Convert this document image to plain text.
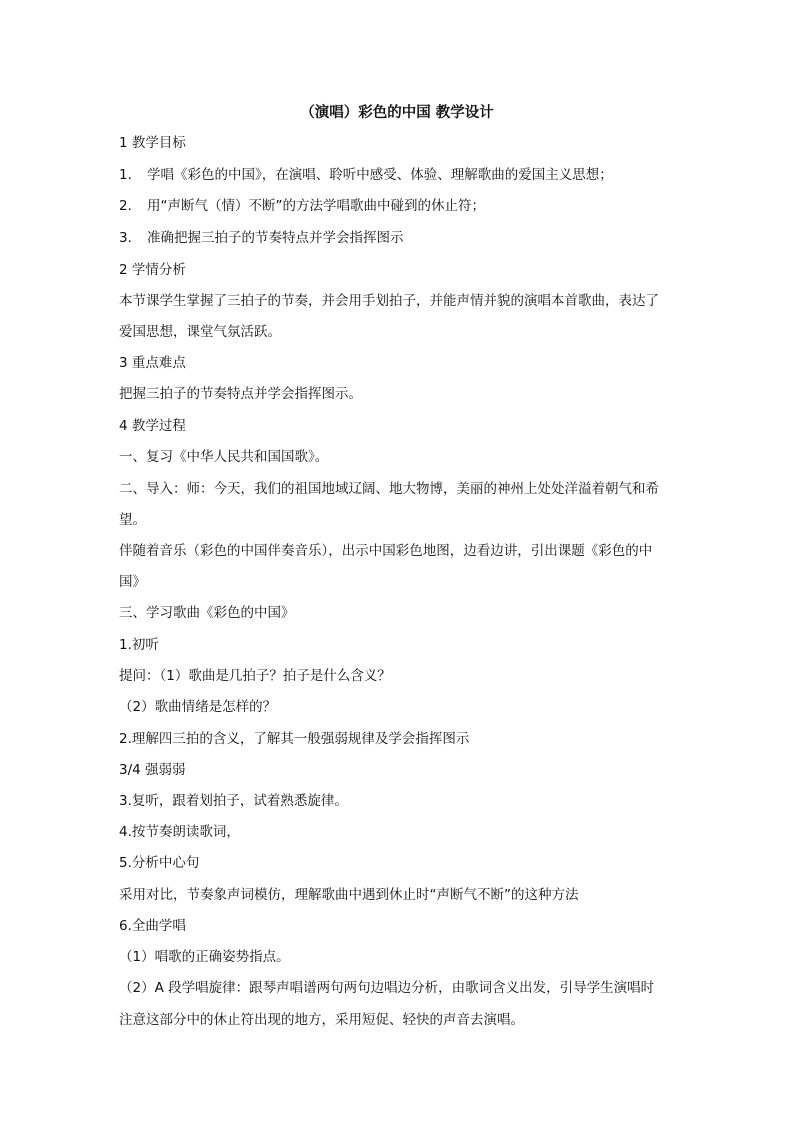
（演唱）彩色的中国 教学设计
1 教学目标
1． 学唱《彩色的中国》，在演唱、聆听中感受、体验、理解歌曲的爱国主义思想；
2． 用“声断气（情）不断”的方法学唱歌曲中碰到的休止符；
3． 准确把握三拍子的节奏特点并学会指挥图示
2 学情分析
本节课学生掌握了三拍子的节奏，并会用手划拍子，并能声情并貌的演唱本首歌曲，表达了
爱国思想，课堂气氛活跃。
3 重点难点
把握三拍子的节奏特点并学会指挥图示。
4 教学过程
一、复习《中华人民共和国国歌》。
二、导入：师：今天，我们的祖国地域辽阔、地大物博，美丽的神州上处处洋溢着朝气和希
望。
伴随着音乐（彩色的中国伴奏音乐），出示中国彩色地图，边看边讲，引出课题《彩色的中
国》
三、学习歌曲《彩色的中国》
1.初听
提问：（1）歌曲是几拍子？拍子是什么含义？
（2）歌曲情绪是怎样的？
2.理解四三拍的含义，了解其一般强弱规律及学会指挥图示
3/4 强弱弱
3.复听，跟着划拍子，试着熟悉旋律。
4.按节奏朗读歌词，
5.分析中心句
采用对比，节奏象声词模仿，理解歌曲中遇到休止时“声断气不断”的这种方法
6.全曲学唱
（1）唱歌的正确姿势指点。
（2）A 段学唱旋律：跟琴声唱谱两句两句边唱边分析，由歌词含义出发，引导学生演唱时
注意这部分中的休止符出现的地方，采用短促、轻快的声音去演唱。
